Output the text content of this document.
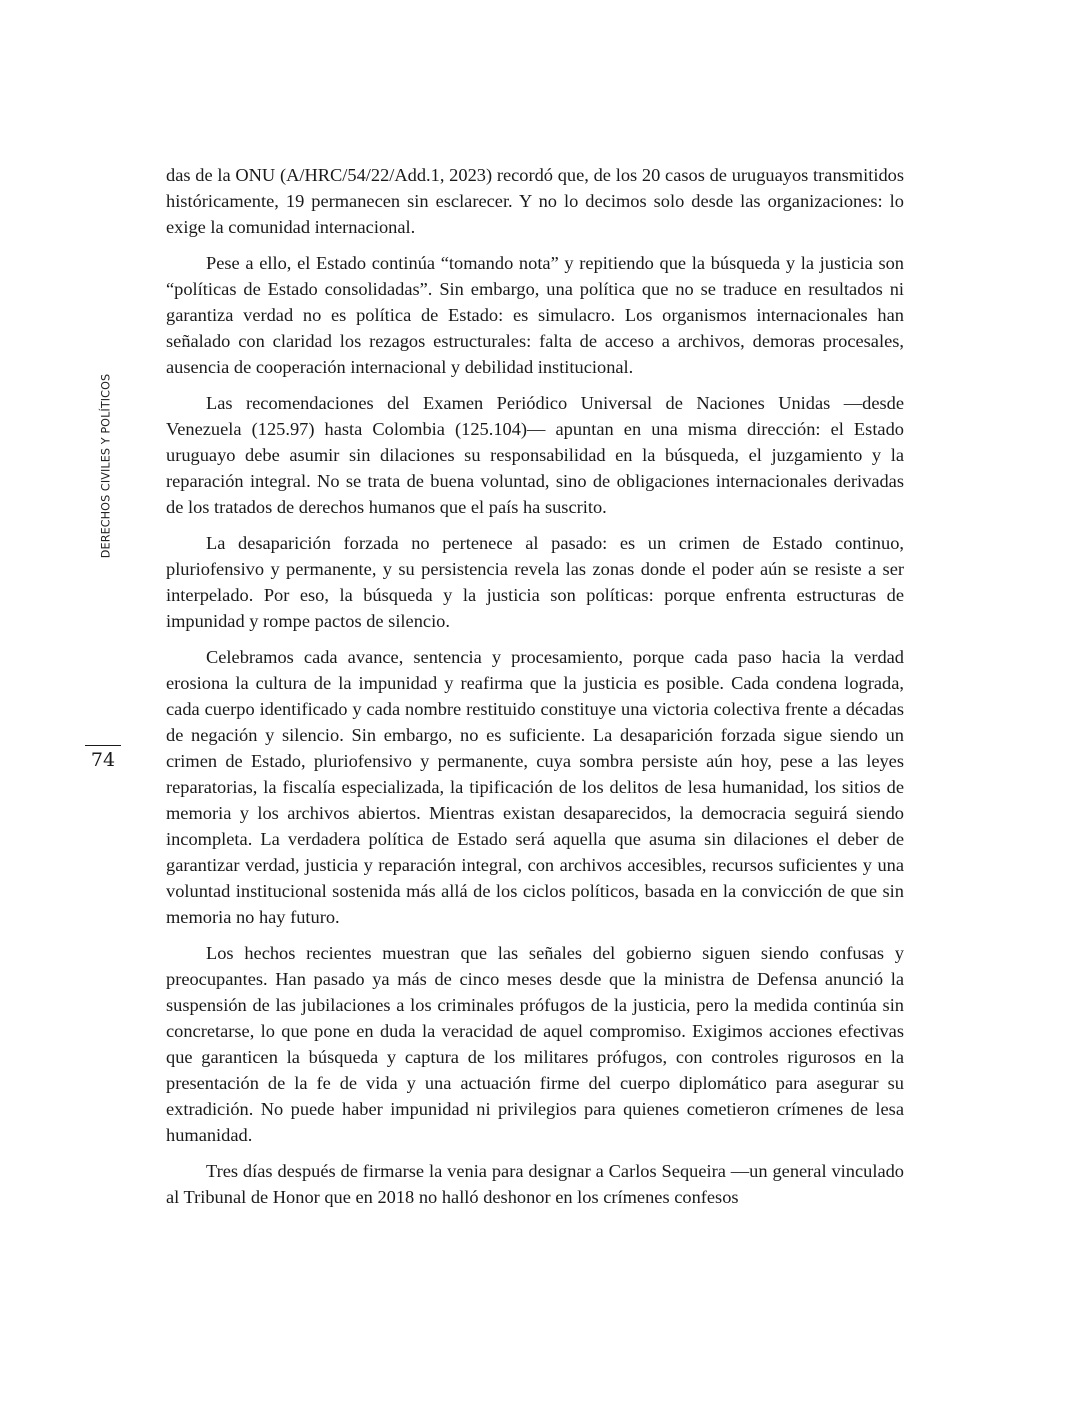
DERECHOS CIVILES Y POLÍTICOS
74

das de la ONU (A/HRC/54/22/Add.1, 2023) recordó que, de los 20 casos de uruguayos transmitidos históricamente, 19 permanecen sin esclarecer. Y no lo decimos solo desde las organizaciones: lo exige la comunidad internacional.

Pese a ello, el Estado continúa “tomando nota” y repitiendo que la búsqueda y la justicia son “políticas de Estado consolidadas”. Sin embargo, una política que no se traduce en resultados ni garantiza verdad no es política de Estado: es simulacro. Los organismos internacionales han señalado con claridad los rezagos estructurales: falta de acceso a archivos, demoras procesales, ausencia de cooperación internacional y debilidad institucional.

Las recomendaciones del Examen Periódico Universal de Naciones Unidas —desde Venezuela (125.97) hasta Colombia (125.104)— apuntan en una misma dirección: el Estado uruguayo debe asumir sin dilaciones su responsabilidad en la búsqueda, el juzgamiento y la reparación integral. No se trata de buena voluntad, sino de obligaciones internacionales derivadas de los tratados de derechos humanos que el país ha suscrito.

La desaparición forzada no pertenece al pasado: es un crimen de Estado continuo, pluriofensivo y permanente, y su persistencia revela las zonas donde el poder aún se resiste a ser interpelado. Por eso, la búsqueda y la justicia son políticas: porque enfrenta estructuras de impunidad y rompe pactos de silencio.

Celebramos cada avance, sentencia y procesamiento, porque cada paso hacia la verdad erosiona la cultura de la impunidad y reafirma que la justicia es posible. Cada condena lograda, cada cuerpo identificado y cada nombre restituido constituye una victoria colectiva frente a décadas de negación y silencio. Sin embargo, no es suficiente. La desaparición forzada sigue siendo un crimen de Estado, pluriofensivo y permanente, cuya sombra persiste aún hoy, pese a las leyes reparatorias, la fiscalía especializada, la tipificación de los delitos de lesa humanidad, los sitios de memoria y los archivos abiertos. Mientras existan desaparecidos, la democracia seguirá siendo incompleta. La verdadera política de Estado será aquella que asuma sin dilaciones el deber de garantizar verdad, justicia y reparación integral, con archivos accesibles, recursos suficientes y una voluntad institucional sostenida más allá de los ciclos políticos, basada en la convicción de que sin memoria no hay futuro.

Los hechos recientes muestran que las señales del gobierno siguen siendo confusas y preocupantes. Han pasado ya más de cinco meses desde que la ministra de Defensa anunció la suspensión de las jubilaciones a los criminales prófugos de la justicia, pero la medida continúa sin concretarse, lo que pone en duda la veracidad de aquel compromiso. Exigimos acciones efectivas que garanticen la búsqueda y captura de los militares prófugos, con controles rigurosos en la presentación de la fe de vida y una actuación firme del cuerpo diplomático para asegurar su extradición. No puede haber impunidad ni privilegios para quienes cometieron crímenes de lesa humanidad.

Tres días después de firmarse la venia para designar a Carlos Sequeira —un general vinculado al Tribunal de Honor que en 2018 no halló deshonor en los crímenes confesos
